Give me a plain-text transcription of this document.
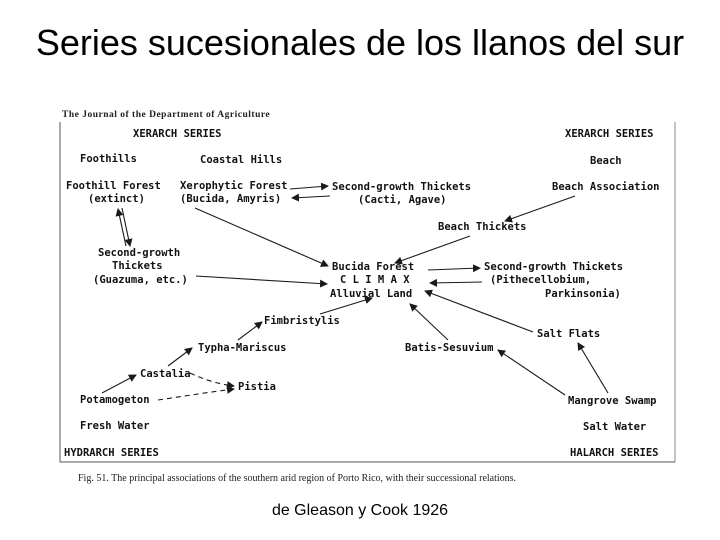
Series sucesionales de los llanos del sur
The Journal of the Department of Agriculture
XERARCH SERIES	XERARCH SERIES
HYDRARCH SERIES	HALARCH SERIES
Foothills	Coastal Hills	Beach
Foothill Forest
(extinct)
Xerophytic Forest
(Bucida, Amyris)
Second-growth Thickets
(Cacti, Agave)
Beach Association
Beach Thickets
Second-growth
Thickets
(Guazuma, etc.)
Bucida Forest
C L I M A X
Alluvial Land
Second-growth Thickets
(Pithecellobium,
Parkinsonia)
Fimbristylis
Salt Flats
Typha-Mariscus	Batis-Sesuvium
Castalia
Pistia
Potamogeton	Mangrove Swamp
Fresh Water	Salt Water
Fig. 51. The principal associations of the southern arid region of Porto Rico, with their successional relations.
de Gleason y Cook 1926
